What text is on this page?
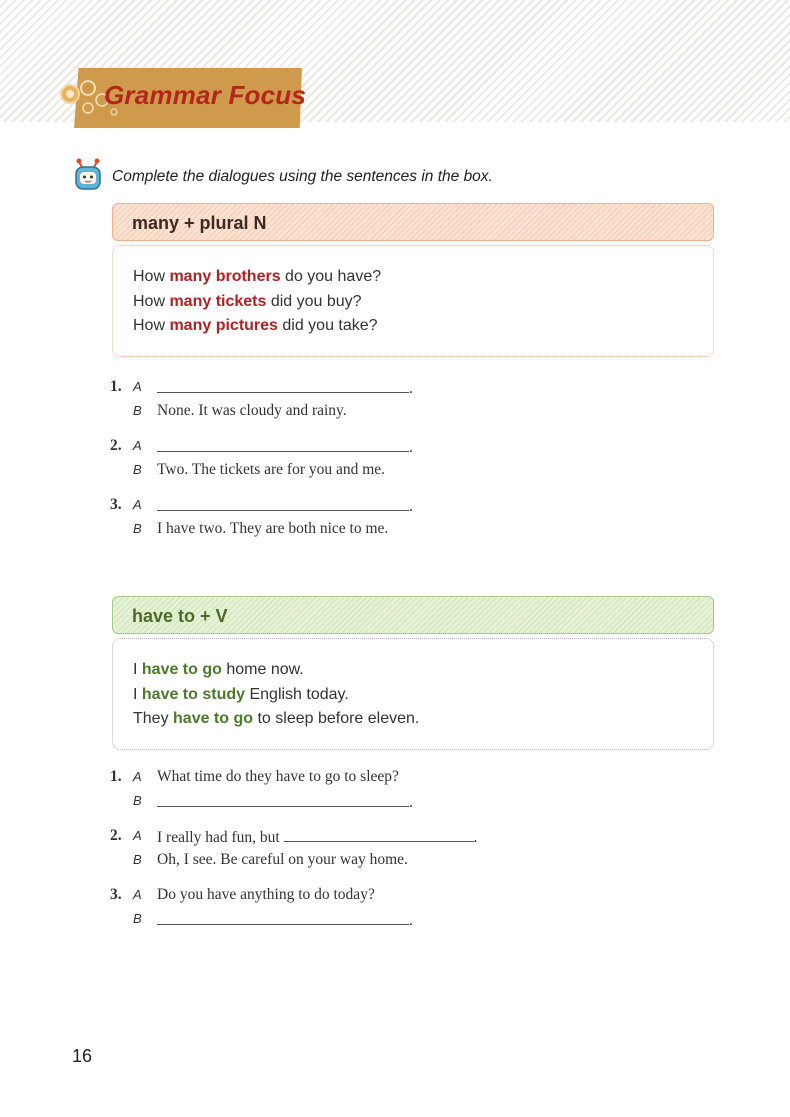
Grammar Focus
Complete the dialogues using the sentences in the box.
many + plural N
How many brothers do you have?
How many tickets did you buy?
How many pictures did you take?
1. A	.
B None. It was cloudy and rainy.
2. A	.
B Two. The tickets are for you and me.
3. A	.
B I have two. They are both nice to me.
have to + V
I have to go home now.
I have to study English today.
They have to go to sleep before eleven.
1. A What time do they have to go to sleep?
B	.
2. A I really had fun, but	.
B Oh, I see. Be careful on your way home.
3. A Do you have anything to do today?
B	.
16
